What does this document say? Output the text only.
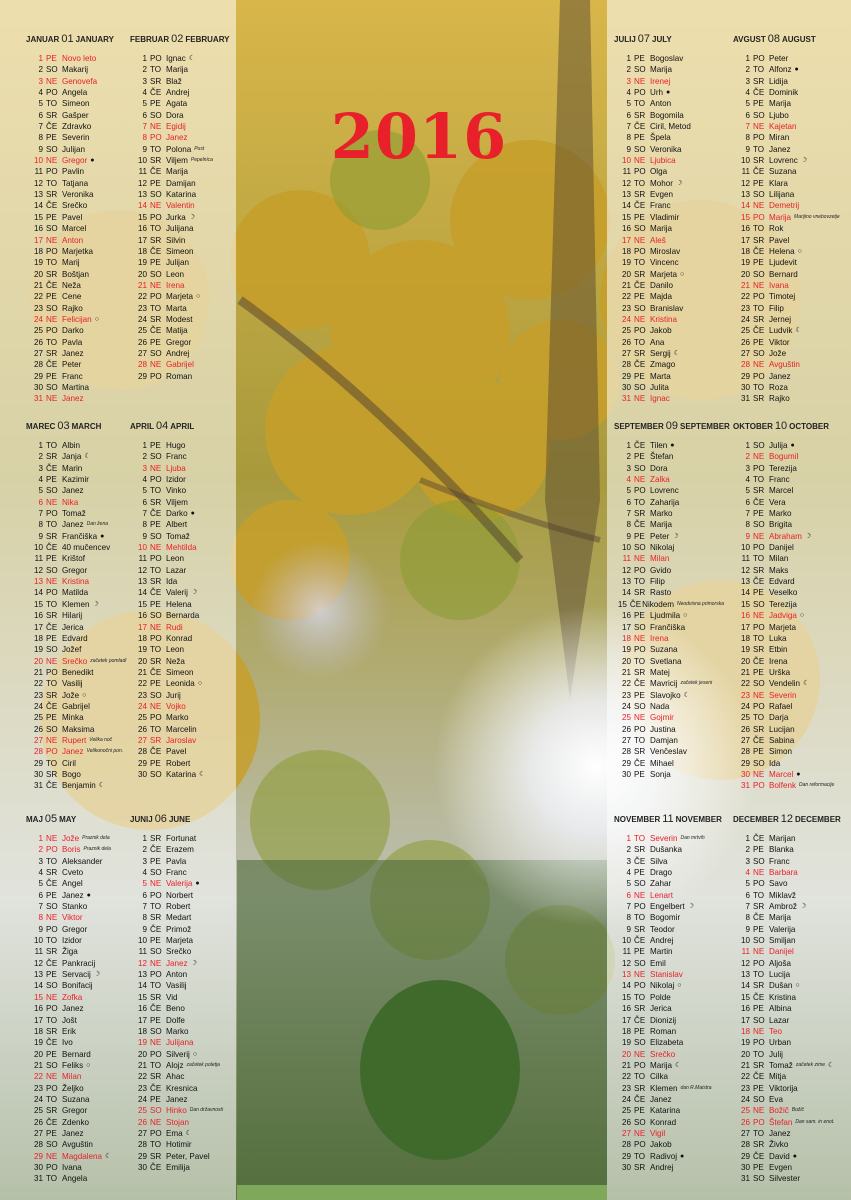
2016
JANUAR 01 JANUARY
1 PE Novo leto
2 SO Makarij
3 NE Genovefa
4 PO Angela
5 TO Simeon
6 SR Gašper
7 ČE Zdravko
8 PE Severin
9 SO Julijan
10 NE Gregor ●
11 PO Pavlin
12 TO Tatjana
13 SR Veronika
14 ČE Srečko
15 PE Pavel
16 SO Marcel
17 NE Anton
18 PO Marjetka
19 TO Marij
20 SR Boštjan
21 ČE Neža
22 PE Cene
23 SO Rajko
24 NE Felicijan ○
25 PO Darko
26 TO Pavla
27 SR Janez
28 ČE Peter
29 PE Franc
30 SO Martina
31 NE Janez
FEBRUAR 02 FEBRUARY
1 PO Ignac ☾
2 TO Marija
3 SR Blaž
4 ČE Andrej
5 PE Agata
6 SO Dora
7 NE Egidij
8 PO Janez
9 TO Polona Pust
10 SR Viljem Pepelnica
11 ČE Marija
12 PE Damijan
13 SO Katarina
14 NE Valentin
15 PO Jurka ☽
16 TO Julijana
17 SR Silvin
18 ČE Simeon
19 PE Julijan
20 SO Leon
21 NE Irena
22 PO Marjeta ○
23 TO Marta
24 SR Modest
25 ČE Matija
26 PE Gregor
27 SO Andrej
28 NE Gabrijel
29 PO Roman
MAREC 03 MARCH
1 TO Albin
2 SR Janja ☾
3 ČE Marin
4 PE Kazimir
5 SO Janez
6 NE Nika
7 PO Tomaž
8 TO Janez Dan žena
9 SR Frančiška ●
10 ČE 40 mučencev
11 PE Krištof
12 SO Gregor
13 NE Kristina
14 PO Matilda
15 TO Klemen ☽
16 SR Hilarij
17 ČE Jerica
18 PE Edvard
19 SO Jožef
20 NE Srečko začetek pomladi
21 PO Benedikt
22 TO Vasilij
23 SR Jože ○
24 ČE Gabrijel
25 PE Minka
26 SO Maksima
27 NE Rupert Velika noč
28 PO Janez Velikonočni pon.
29 TO Ciril
30 SR Bogo
31 ČE Benjamin ☾
APRIL 04 APRIL
1 PE Hugo
2 SO Franc
3 NE Ljuba
4 PO Izidor
5 TO Vinko
6 SR Viljem
7 ČE Darko ●
8 PE Albert
9 SO Tomaž
10 NE Mehtilda
11 PO Leon
12 TO Lazar
13 SR Ida
14 ČE Valerij ☽
15 PE Helena
16 SO Bernarda
17 NE Rudi
18 PO Konrad
19 TO Leon
20 SR Neža
21 ČE Simeon
22 PE Leonida ○
23 SO Jurij
24 NE Vojko
25 PO Marko
26 TO Marcelin
27 SR Jaroslav
28 ČE Pavel
29 PE Robert
30 SO Katarina ☾
MAJ 05 MAY
1 NE Jože Praznik dela
2 PO Boris Praznik dela
3 TO Aleksander
4 SR Cveto
5 ČE Angel
6 PE Janez ●
7 SO Stanko
8 NE Viktor
9 PO Gregor
10 TO Izidor
11 SR Žiga
12 ČE Pankracij
13 PE Servacij ☽
14 SO Bonifacij
15 NE Zofka
16 PO Janez
17 TO Jošt
18 SR Erik
19 ČE Ivo
20 PE Bernard
21 SO Feliks ○
22 NE Milan
23 PO Željko
24 TO Suzana
25 SR Gregor
26 ČE Zdenko
27 PE Janez
28 SO Avguštin
29 NE Magdalena ☾
30 PO Ivana
31 TO Angela
JUNIJ 06 JUNE
1 SR Fortunat
2 ČE Erazem
3 PE Pavla
4 SO Franc
5 NE Valerija ●
6 PO Norbert
7 TO Robert
8 SR Medart
9 ČE Primož
10 PE Marjeta
11 SO Srečko
12 NE Janez ☽
13 PO Anton
14 TO Vasilij
15 SR Vid
16 ČE Beno
17 PE Dolfe
18 SO Marko
19 NE Julijana
20 PO Silverij ○
21 TO Alojz začetek poletja
22 SR Ahac
23 ČE Kresnica
24 PE Janez
25 SO Hinko Dan državnosti
26 NE Stojan
27 PO Ema ☾
28 TO Hotimir
29 SR Peter, Pavel
30 ČE Emilija
JULIJ 07 JULY
1 PE Bogoslav
2 SO Marija
3 NE Irenej
4 PO Urh ●
5 TO Anton
6 SR Bogomila
7 ČE Ciril, Metod
8 PE Špela
9 SO Veronika
10 NE Ljubica
11 PO Olga
12 TO Mohor ☽
13 SR Evgen
14 ČE Franc
15 PE Vladimir
16 SO Marija
17 NE Aleš
18 PO Miroslav
19 TO Vincenc
20 SR Marjeta ○
21 ČE Danilo
22 PE Majda
23 SO Branislav
24 NE Kristina
25 PO Jakob
26 TO Ana
27 SR Sergij ☾
28 ČE Zmago
29 PE Marta
30 SO Julita
31 NE Ignac
AVGUST 08 AUGUST
1 PO Peter
2 TO Alfonz ●
3 SR Lidija
4 ČE Dominik
5 PE Marija
6 SO Ljubo
7 NE Kajetan
8 PO Miran
9 TO Janez
10 SR Lovrenc ☽
11 ČE Suzana
12 PE Klara
13 SO Lilijana
14 NE Demetrij
15 PO Marija Marijino vnebovzetje
16 TO Rok
17 SR Pavel
18 ČE Helena ○
19 PE Ljudevit
20 SO Bernard
21 NE Ivana
22 PO Timotej
23 TO Filip
24 SR Jernej
25 ČE Ludvik ☾
26 PE Viktor
27 SO Jože
28 NE Avguštin
29 PO Janez
30 TO Roza
31 SR Rajko
SEPTEMBER 09 SEPTEMBER
1 ČE Tilen ●
2 PE Štefan
3 SO Dora
4 NE Zalka
5 PO Lovrenc
6 TO Zaharija
7 SR Marko
8 ČE Marija
9 PE Peter ☽
10 SO Nikolaj
11 NE Milan
12 PO Gvido
13 TO Filip
14 SR Rasto
15 ČE Nikodem Neodvisna primorska
16 PE Ljudmila ○
17 SO Frančiška
18 NE Irena
19 PO Suzana
20 TO Svetlana
21 SR Matej
22 ČE Mavricij začetek jeseni
23 PE Slavojko ☾
24 SO Nada
25 NE Gojmir
26 PO Justina
27 TO Damjan
28 SR Venčeslav
29 ČE Mihael
30 PE Sonja
OKTOBER 10 OCTOBER
1 SO Julija ●
2 NE Bogumil
3 PO Terezija
4 TO Franc
5 SR Marcel
6 ČE Vera
7 PE Marko
8 SO Brigita
9 NE Abraham ☽
10 PO Danijel
11 TO Milan
12 SR Maks
13 ČE Edvard
14 PE Veselko
15 SO Terezija
16 NE Jadviga ○
17 PO Marjeta
18 TO Luka
19 SR Etbin
20 ČE Irena
21 PE Urška
22 SO Vendelin ☾
23 NE Severin
24 PO Rafael
25 TO Darja
26 SR Lucijan
27 ČE Sabina
28 PE Simon
29 SO Ida
30 NE Marcel ●
31 PO Bolfenk Dan reformacije
NOVEMBER 11 NOVEMBER
1 TO Severin Dan mrtvih
2 SR Dušanka
3 ČE Silva
4 PE Drago
5 SO Zahar
6 NE Lenart
7 PO Engelbert ☽
8 TO Bogomir
9 SR Teodor
10 ČE Andrej
11 PE Martin
12 SO Emil
13 NE Stanislav
14 PO Nikolaj ○
15 TO Polde
16 SR Jerica
17 ČE Dionizij
18 PE Roman
19 SO Elizabeta
20 NE Srečko
21 PO Marija ☾
22 TO Cilka
23 SR Klemen dan R.Maistra
24 ČE Janez
25 PE Katarina
26 SO Konrad
27 NE Vigil
28 PO Jakob
29 TO Radivoj ●
30 SR Andrej
DECEMBER 12 DECEMBER
1 ČE Marijan
2 PE Blanka
3 SO Franc
4 NE Barbara
5 PO Savo
6 TO Miklavž
7 SR Ambrož ☽
8 ČE Marija
9 PE Valerija
10 SO Smiljan
11 NE Danijel
12 PO Aljoša
13 TO Lucija
14 SR Dušan ○
15 ČE Kristina
16 PE Albina
17 SO Lazar
18 NE Teo
19 PO Urban
20 TO Julij
21 SR Tomaž začetek zime ☾
22 ČE Mitja
23 PE Viktorija
24 SO Eva
25 NE Božič Božič
26 PO Štefan Dan sam. in enot.
27 TO Janez
28 SR Živko
29 ČE David ●
30 PE Evgen
31 SO Silvester
